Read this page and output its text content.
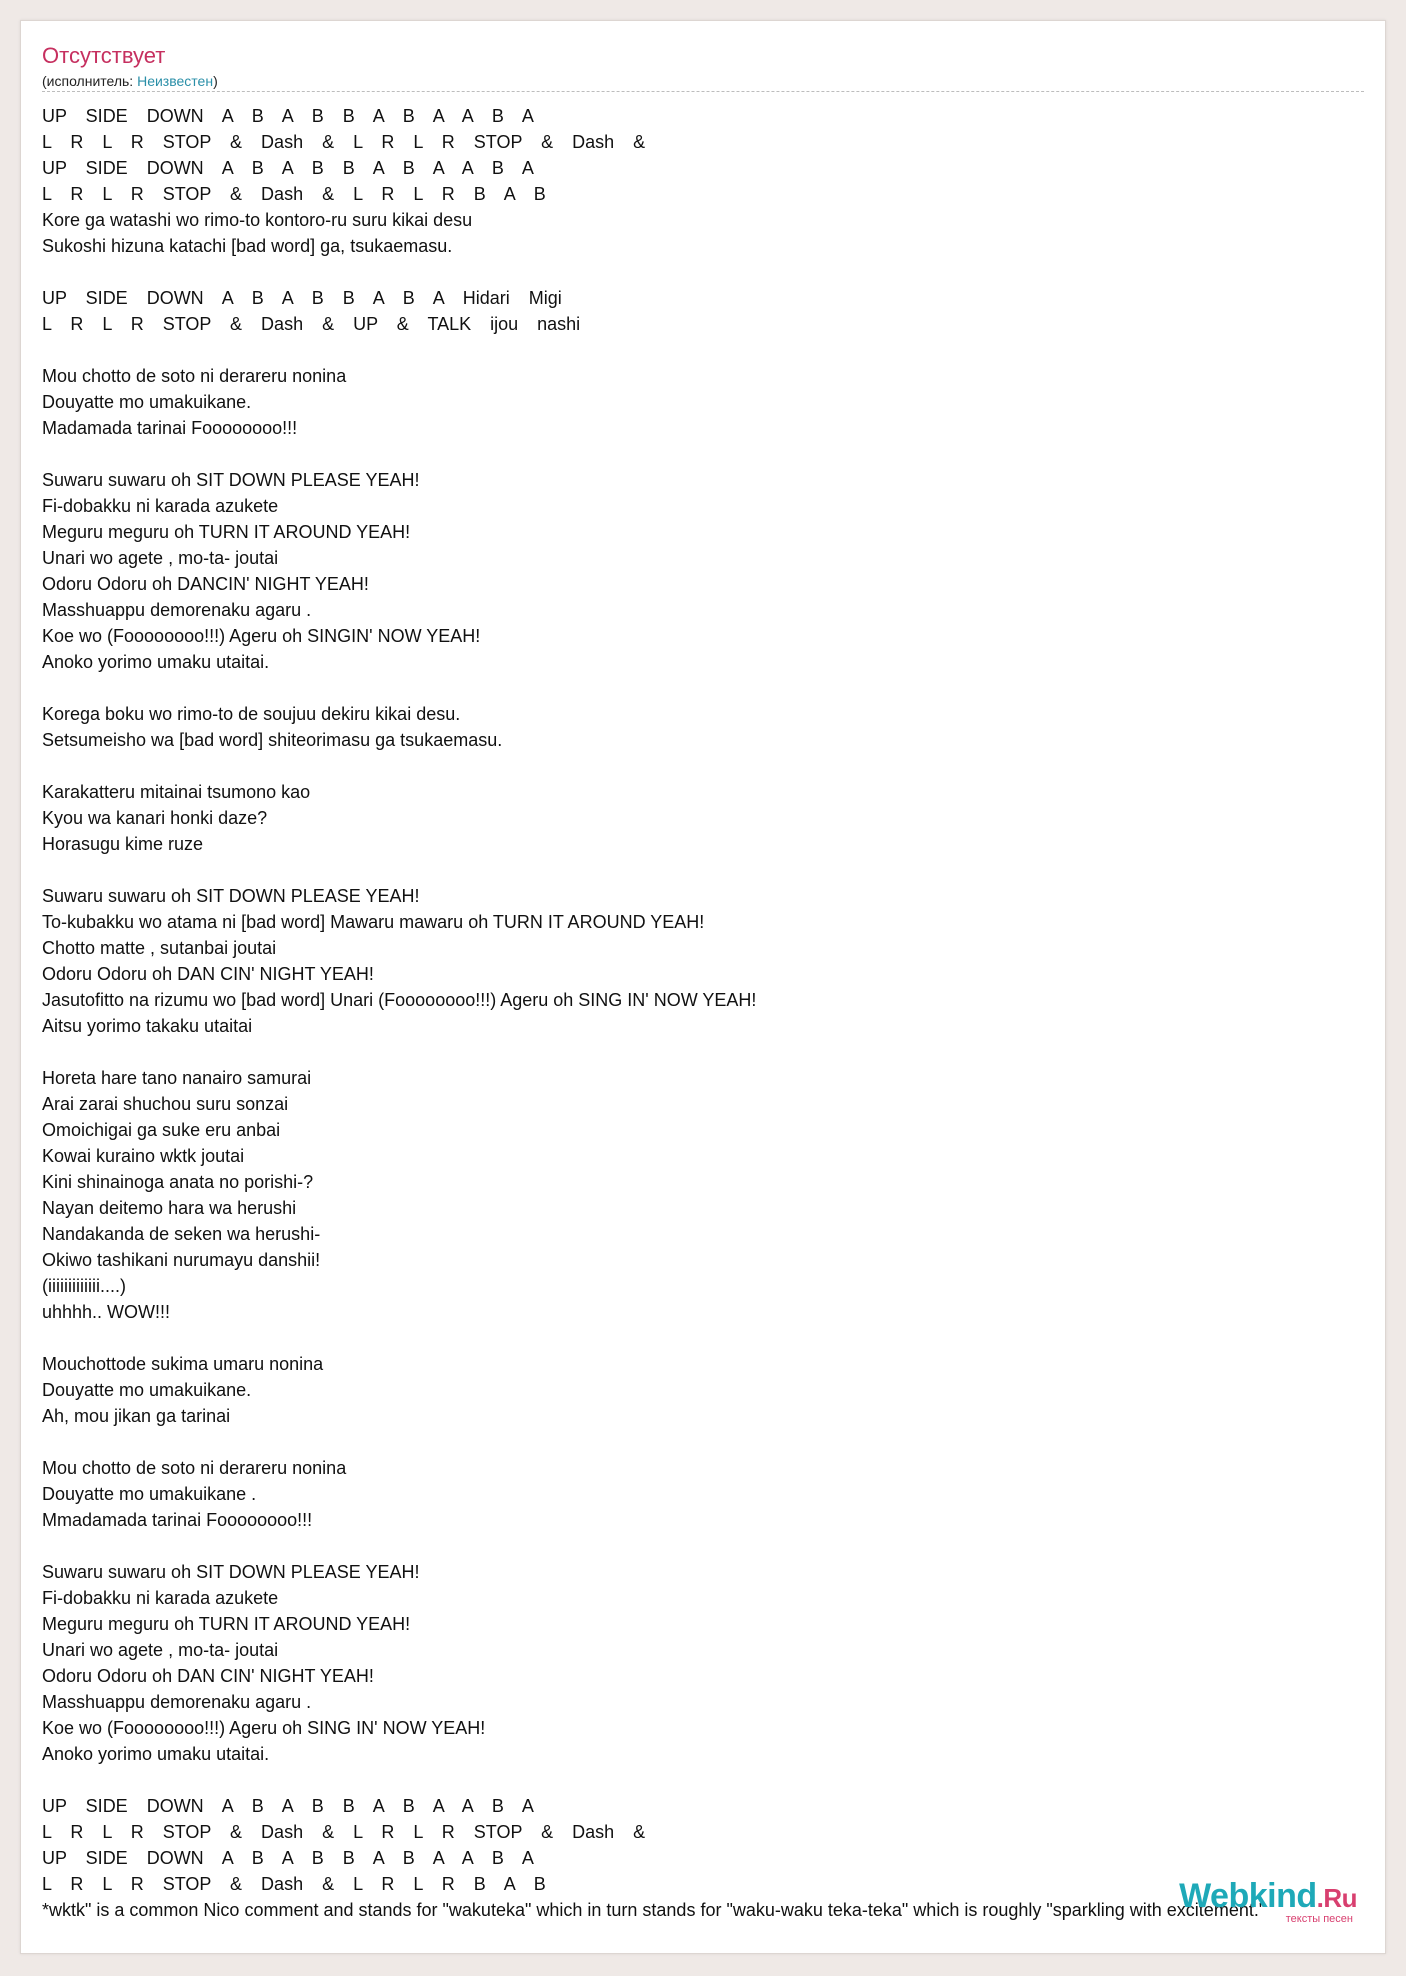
Отсутствует
(исполнитель: Неизвестен)
UP SIDE DOWN A B A B B A B A A B A
L R L R STOP & Dash & L R L R STOP & Dash &
UP SIDE DOWN A B A B B A B A A B A
L R L R STOP & Dash & L R L R B A B
Kore ga watashi wo rimo-to kontoro-ru suru kikai desu
Sukoshi hizuna katachi [bad word] ga, tsukaemasu.
UP SIDE DOWN A B A B B A B A Hidari Migi
L R L R STOP & Dash & UP & TALK ijou nashi
Mou chotto de soto ni derareru nonina
Douyatte mo umakuikane.
Madamada tarinai Foooooooo!!!
Suwaru suwaru oh SIT DOWN PLEASE YEAH!
Fi-dobakku ni karada azukete
Meguru meguru oh TURN IT AROUND YEAH!
Unari wo agete , mo-ta- joutai
Odoru Odoru oh DANCIN' NIGHT YEAH!
Masshuappu demorenaku agaru .
Koe wo (Foooooooo!!!) Ageru oh SINGIN' NOW YEAH!
Anoko yorimo umaku utaitai.
Korega boku wo rimo-to de soujuu dekiru kikai desu.
Setsumeisho wa [bad word] shiteorimasu ga tsukaemasu.
Karakatteru mitainai tsumono kao
Kyou wa kanari honki daze?
Horasugu kime ruze
Suwaru suwaru oh SIT DOWN PLEASE YEAH!
To-kubakku wo atama ni [bad word] Mawaru mawaru oh TURN IT AROUND YEAH!
Chotto matte , sutanbai joutai
Odoru Odoru oh DAN CIN' NIGHT YEAH!
Jasutofitto na rizumu wo [bad word] Unari (Foooooooo!!!) Ageru oh SING IN' NOW YEAH!
Aitsu yorimo takaku utaitai
Horeta hare tano nanairo samurai
Arai zarai shuchou suru sonzai
Omoichigai ga suke eru anbai
Kowai kuraino wktk joutai
Kini shinainoga anata no porishi-?
Nayan deitemo hara wa herushi
Nandakanda de seken wa herushi-
Okiwo tashikani nurumayu danshii!
(iiiiiiiiiiiii....)
uhhhh.. WOW!!!
Mouchottode sukima umaru nonina
Douyatte mo umakuikane.
Ah, mou jikan ga tarinai
Mou chotto de soto ni derareru nonina
Douyatte mo umakuikane .
Mmadamada tarinai Foooooooo!!!
Suwaru suwaru oh SIT DOWN PLEASE YEAH!
Fi-dobakku ni karada azukete
Meguru meguru oh TURN IT AROUND YEAH!
Unari wo agete , mo-ta- joutai
Odoru Odoru oh DAN CIN' NIGHT YEAH!
Masshuappu demorenaku agaru .
Koe wo (Foooooooo!!!) Ageru oh SING IN' NOW YEAH!
Anoko yorimo umaku utaitai.
UP SIDE DOWN A B A B B A B A A B A
L R L R STOP & Dash & L R L R STOP & Dash &
UP SIDE DOWN A B A B B A B A A B A
L R L R STOP & Dash & L R L R B A B
*wktk" is a common Nico comment and stands for "wakuteka" which in turn stands for "waku-waku teka-teka" which is roughly "sparkling with excitement."
Webkind.Ru
тексты песен
